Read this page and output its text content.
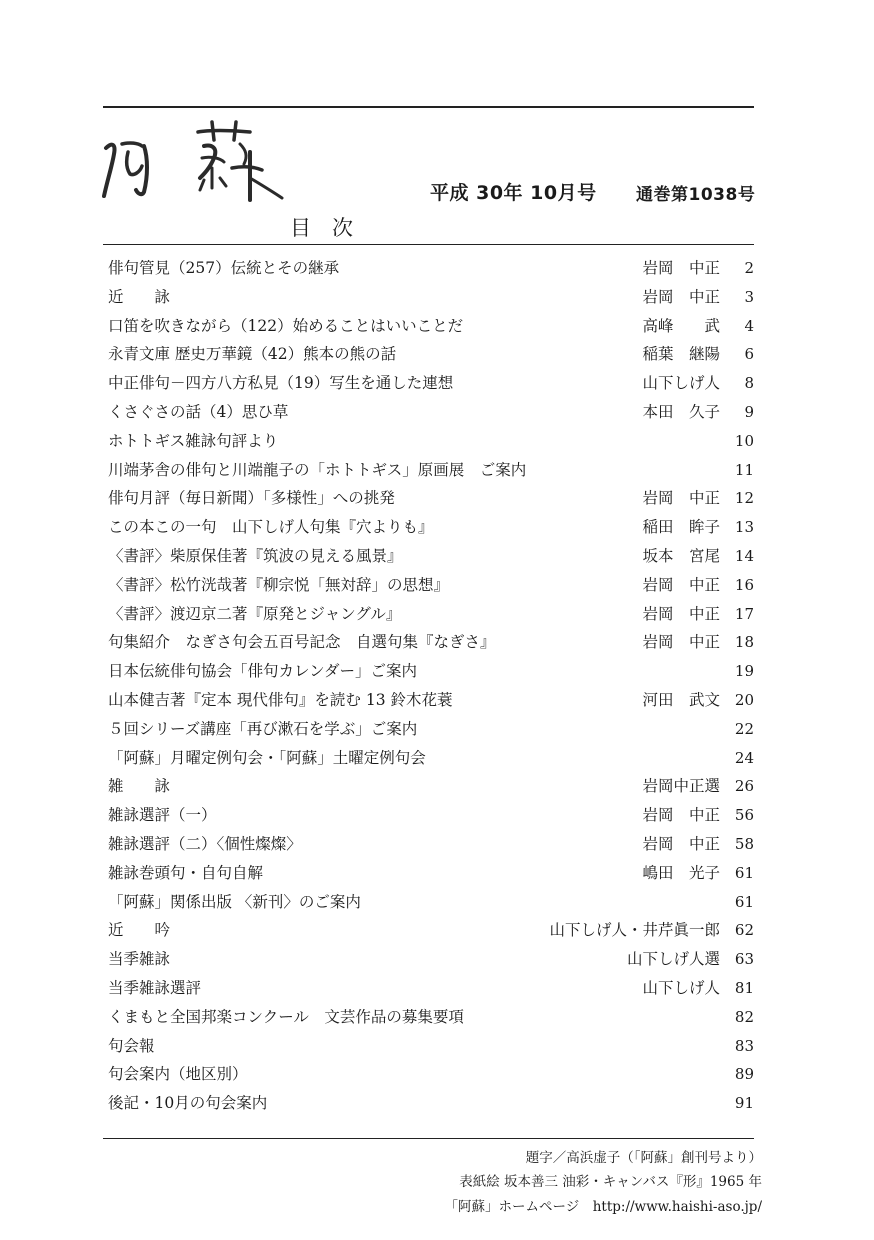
平成 30年 10月号 通巻第1038号
目　次
俳句管見（257）伝統とその継承	岩岡　中正	2
近　　詠	岩岡　中正	3
口笛を吹きながら（122）始めることはいいことだ	高峰　　武	4
永青文庫 歴史万華鏡（42）熊本の熊の話	稲葉　継陽	6
中正俳句－四方八方私見（19）写生を通した連想	山下しげ人	8
くさぐさの話（4）思ひ草	本田　久子	9
ホトトギス雑詠句評より	10
川端茅舎の俳句と川端龍子の「ホトトギス」原画展　ご案内	11
俳句月評（毎日新聞）「多様性」への挑発	岩岡　中正 12
この本この一句　山下しげ人句集『穴よりも』	稲田　眸子 13
〈書評〉柴原保佳著『筑波の見える風景』	坂本　宮尾 14
〈書評〉松竹洸哉著『柳宗悦「無対辞」の思想』	岩岡　中正 16
〈書評〉渡辺京二著『原発とジャングル』	岩岡　中正 17
句集紹介　なぎさ句会五百号記念　自選句集『なぎさ』	岩岡　中正 18
日本伝統俳句協会「俳句カレンダー」ご案内	19
山本健吉著『定本 現代俳句』を読む 13 鈴木花蓑	河田　武文 20
５回シリーズ講座「再び漱石を学ぶ」ご案内	22
「阿蘇」月曜定例句会・「阿蘇」土曜定例句会	24
雑　　詠	岩岡中正選 26
雑詠選評（一）	岩岡　中正 56
雑詠選評（二）〈個性燦燦〉	岩岡　中正 58
雑詠巻頭句・自句自解	嶋田　光子 61
「阿蘇」関係出版 〈新刊〉のご案内	61
近　　吟	山下しげ人・井芹眞一郎 62
当季雑詠	山下しげ人選 63
当季雑詠選評	山下しげ人 81
くまもと全国邦楽コンクール　文芸作品の募集要項	82
句会報	83
句会案内（地区別）	89
後記・10月の句会案内	91
題字／高浜虚子（「阿蘇」創刊号より）
表紙絵 坂本善三 油彩・キャンバス『形』1965 年
「阿蘇」ホームページ　http://www.haishi-aso.jp/
